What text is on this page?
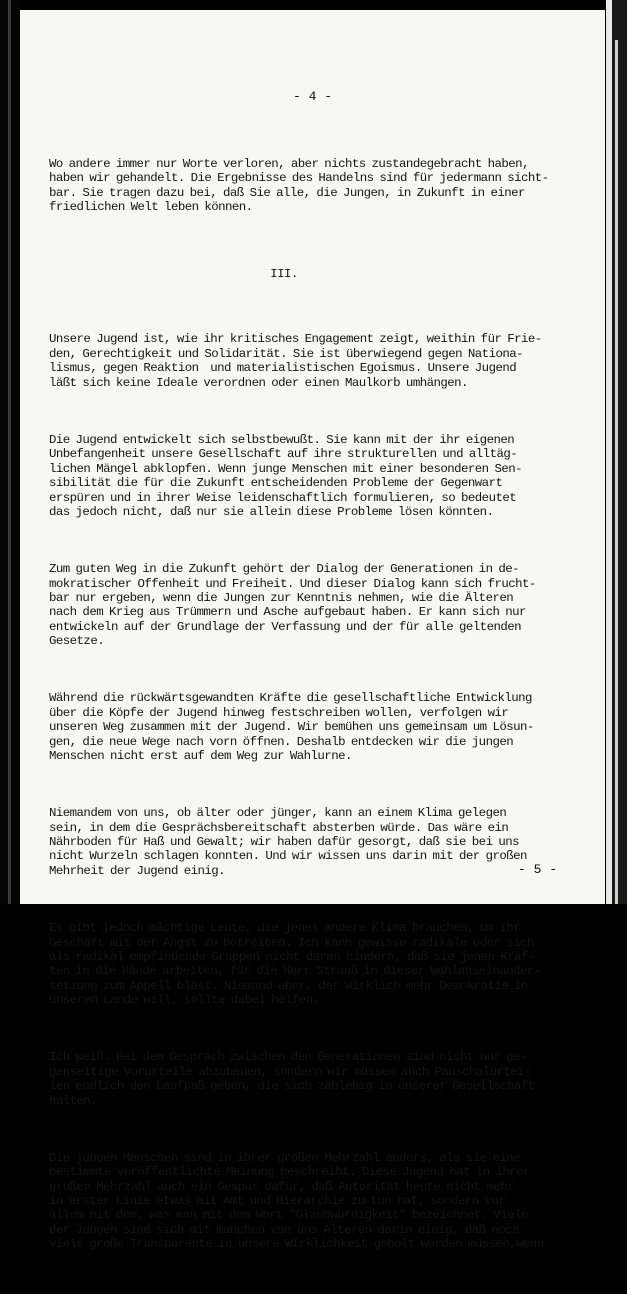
- 4 -

Wo andere immer nur Worte verloren, aber nichts zustandegebracht haben,
haben wir gehandelt. Die Ergebnisse des Handelns sind für jedermann sicht-
bar. Sie tragen dazu bei, daß Sie alle, die Jungen, in Zukunft in einer
friedlichen Welt leben können.

III.

Unsere Jugend ist, wie ihr kritisches Engagement zeigt, weithin für Frie-
den, Gerechtigkeit und Solidarität. Sie ist überwiegend gegen Nationa-
lismus, gegen Reaktion  und materialistischen Egoismus. Unsere Jugend
läßt sich keine Ideale verordnen oder einen Maulkorb umhängen.

Die Jugend entwickelt sich selbstbewußt. Sie kann mit der ihr eigenen
Unbefangenheit unsere Gesellschaft auf ihre strukturellen und alltäg-
lichen Mängel abklopfen. Wenn junge Menschen mit einer besonderen Sen-
sibilität die für die Zukunft entscheidenden Probleme der Gegenwart
erspüren und in ihrer Weise leidenschaftlich formulieren, so bedeutet
das jedoch nicht, daß nur sie allein diese Probleme lösen könnten.

Zum guten Weg in die Zukunft gehört der Dialog der Generationen in de-
mokratischer Offenheit und Freiheit. Und dieser Dialog kann sich frucht-
bar nur ergeben, wenn die Jungen zur Kenntnis nehmen, wie die Älteren
nach dem Krieg aus Trümmern und Asche aufgebaut haben. Er kann sich nur
entwickeln auf der Grundlage der Verfassung und der für alle geltenden
Gesetze.

Während die rückwärtsgewandten Kräfte die gesellschaftliche Entwicklung
über die Köpfe der Jugend hinweg festschreiben wollen, verfolgen wir
unseren Weg zusammen mit der Jugend. Wir bemühen uns gemeinsam um Lösun-
gen, die neue Wege nach vorn öffnen. Deshalb entdecken wir die jungen
Menschen nicht erst auf dem Weg zur Wahlurne.

Niemandem von uns, ob älter oder jünger, kann an einem Klima gelegen
sein, in dem die Gesprächsbereitschaft absterben würde. Das wäre ein
Nährboden für Haß und Gewalt; wir haben dafür gesorgt, daß sie bei uns
nicht Wurzeln schlagen konnten. Und wir wissen uns darin mit der großen
Mehrheit der Jugend einig.

Es gibt jedoch mächtige Leute, die jenes andere Klima brauchen, um ihr
Geschäft mit der Angst zu betreiben. Ich kann gewisse radikale oder sich
als radikal empfindende Gruppen nicht daran hindern, daß sie jenen Kräf-
ten in die Hände arbeiten, für die Herr Strauß in dieser Wahlauseinander-
setzung zum Appell bläst. Niemand aber, der wirklich mehr Demokratie in
unserem Lande will, sollte dabei helfen.

Ich weiß: Bei dem Gespräch zwischen den Generationen sind nicht nur ge-
genseitige Vorurteile abzubauen, sondern wir müssen auch Pauschalurtei-
len endlich den Laufpaß geben, die sich zählebig in unserer Gesellschaft
halten.

Die jungen Menschen sind in ihrer großen Mehrzahl anders, als sie eine
bestimmte veröffentlichte Meinung beschreibt. Diese Jugend hat in ihrer
großen Mehrzahl auch ein Gespür dafür, daß Autorität heute nicht mehr
in erster Linie etwas mit Amt und Hierarchie zu tun hat, sondern vor
allem mit dem, was man mit dem Wort "Glaubwürdigkeit" bezeichnet. Viele
der Jungen sind sich mit manchen von uns Älteren darin einig, daß noch
viele große Transparente in unsere Wirklichkeit geholt werden müssen,wenn

- 5 -
